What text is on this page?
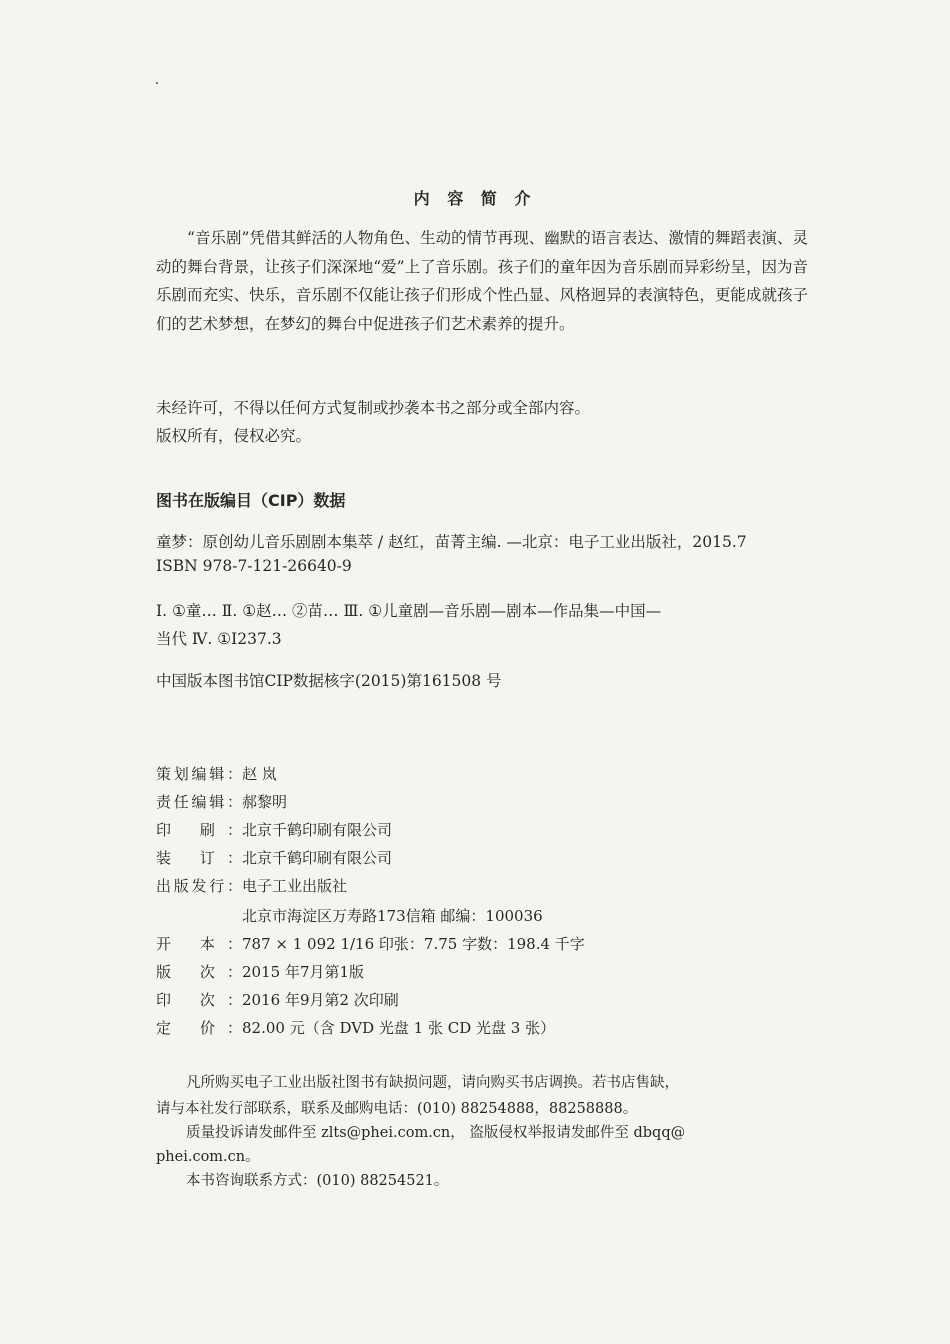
内 容 简 介

“音乐剧”凭借其鲜活的人物角色、生动的情节再现、幽默的语言表达、激情的舞蹈表演、灵动的舞台背景，让孩子们深深地“爱”上了音乐剧。孩子们的童年因为音乐剧而异彩纷呈，因为音乐剧而充实、快乐，音乐剧不仅能让孩子们形成个性凸显、风格迥异的表演特色，更能成就孩子们的艺术梦想，在梦幻的舞台中促进孩子们艺术素养的提升。

未经许可，不得以任何方式复制或抄袭本书之部分或全部内容。

版权所有，侵权必究。

图书在版编目（CIP）数据

童梦：原创幼儿音乐剧剧本集萃 / 赵红，苗菁主编. —北京：电子工业出版社，2015.7

ISBN 978-7-121-26640-9

Ⅰ. ①童… Ⅱ. ①赵… ②苗… Ⅲ. ①儿童剧—音乐剧—剧本—作品集—中国—

当代 Ⅳ. ①I237.3

中国版本图书馆CIP数据核字(2015)第161508 号

策划编辑：赵 岚

责任编辑：郝黎明

印 刷：北京千鹤印刷有限公司

装 订：北京千鹤印刷有限公司

出版发行：电子工业出版社

北京市海淀区万寿路173信箱 邮编：100036

开 本：787 × 1 092 1/16 印张：7.75 字数：198.4 千字

版 次：2015 年7月第1版

印 次：2016 年9月第2 次印刷

定 价：82.00 元（含 DVD 光盘 1 张 CD 光盘 3 张）

凡所购买电子工业出版社图书有缺损问题，请向购买书店调换。若书店售缺，

请与本社发行部联系，联系及邮购电话：(010) 88254888，88258888。

质量投诉请发邮件至 zlts@phei.com.cn， 盗版侵权举报请发邮件至 dbqq@

phei.com.cn。

本书咨询联系方式：(010) 88254521。
